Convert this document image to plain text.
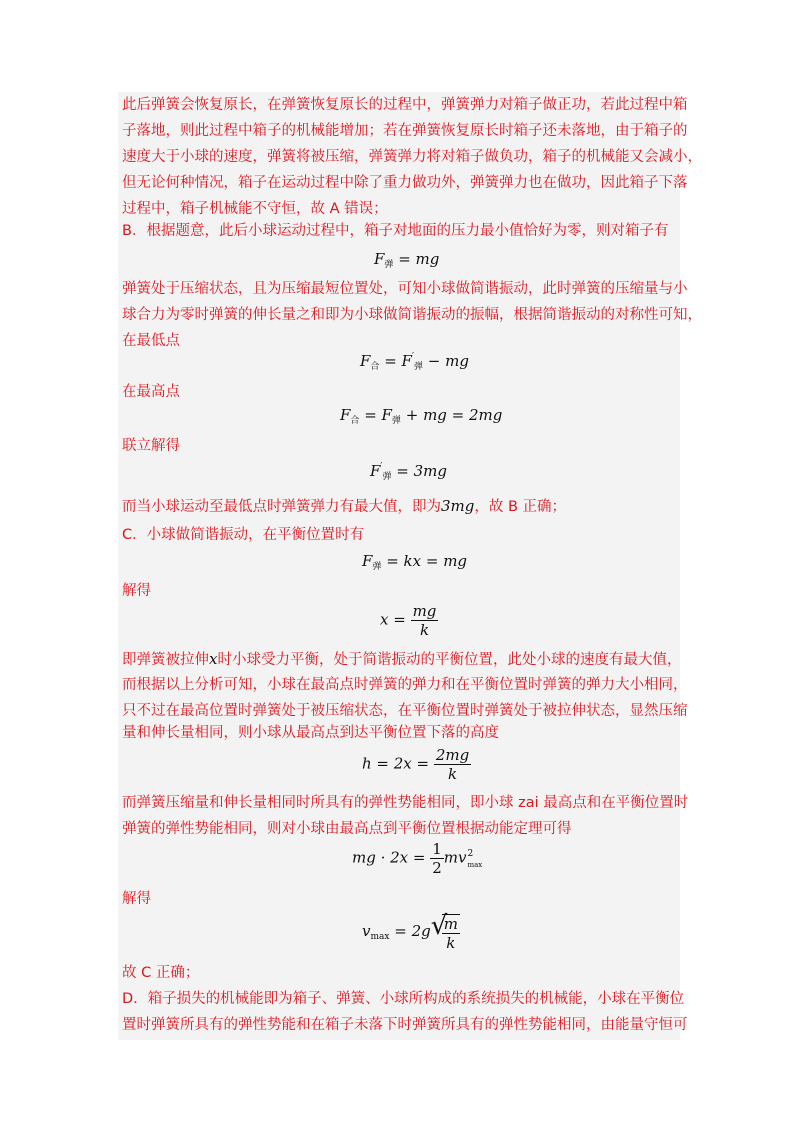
此后弹簧会恢复原长，在弹簧恢复原长的过程中，弹簧弹力对箱子做正功，若此过程中箱
子落地，则此过程中箱子的机械能增加；若在弹簧恢复原长时箱子还未落地，由于箱子的
速度大于小球的速度，弹簧将被压缩，弹簧弹力将对箱子做负功，箱子的机械能又会减小，
但无论何种情况，箱子在运动过程中除了重力做功外，弹簧弹力也在做功，因此箱子下落
过程中，箱子机械能不守恒，故 A 错误；
B．根据题意，此后小球运动过程中，箱子对地面的压力最小值恰好为零，则对箱子有
$F_弹$ = mg
弹簧处于压缩状态，且为压缩最短位置处，可知小球做简谐振动，此时弹簧的压缩量与小
球合力为零时弹簧的伸长量之和即为小球做简谐振动的振幅，根据简谐振动的对称性可知，
在最低点
$F_合 = F'_弹$ − mg
在最高点
$F_合 = F_弹$ + mg = 2mg
联立解得
$F'_弹 = 3mg$
而当小球运动至最低点时弹簧弹力有最大值，即为3mg，故 B 正确；
C．小球做简谐振动，在平衡位置时有
$F_弹$ = kx = mg
解得
$x = \frac{mg}{k}$
即弹簧被拉伸x时小球受力平衡，处于简谐振动的平衡位置，此处小球的速度有最大值，
而根据以上分析可知，小球在最高点时弹簧的弹力和在平衡位置时弹簧的弹力大小相同，
只不过在最高位置时弹簧处于被压缩状态，在平衡位置时弹簧处于被拉伸状态，显然压缩
量和伸长量相同，则小球从最高点到达平衡位置下落的高度
$h = 2x = \frac{2mg}{k}$
而弹簧压缩量和伸长量相同时所具有的弹性势能相同，即小球 zai 最高点和在平衡位置时
弹簧的弹性势能相同，则对小球由最高点到平衡位置根据动能定理可得
mg · $2x = \frac{1}{2}$ mv 2
max
解得
$v_{max} = 2g$ √
$\frac{m}{k}$
故 C 正确；
D．箱子损失的机械能即为箱子、弹簧、小球所构成的系统损失的机械能，小球在平衡位
置时弹簧所具有的弹性势能和在箱子未落下时弹簧所具有的弹性势能相同，由能量守恒可
